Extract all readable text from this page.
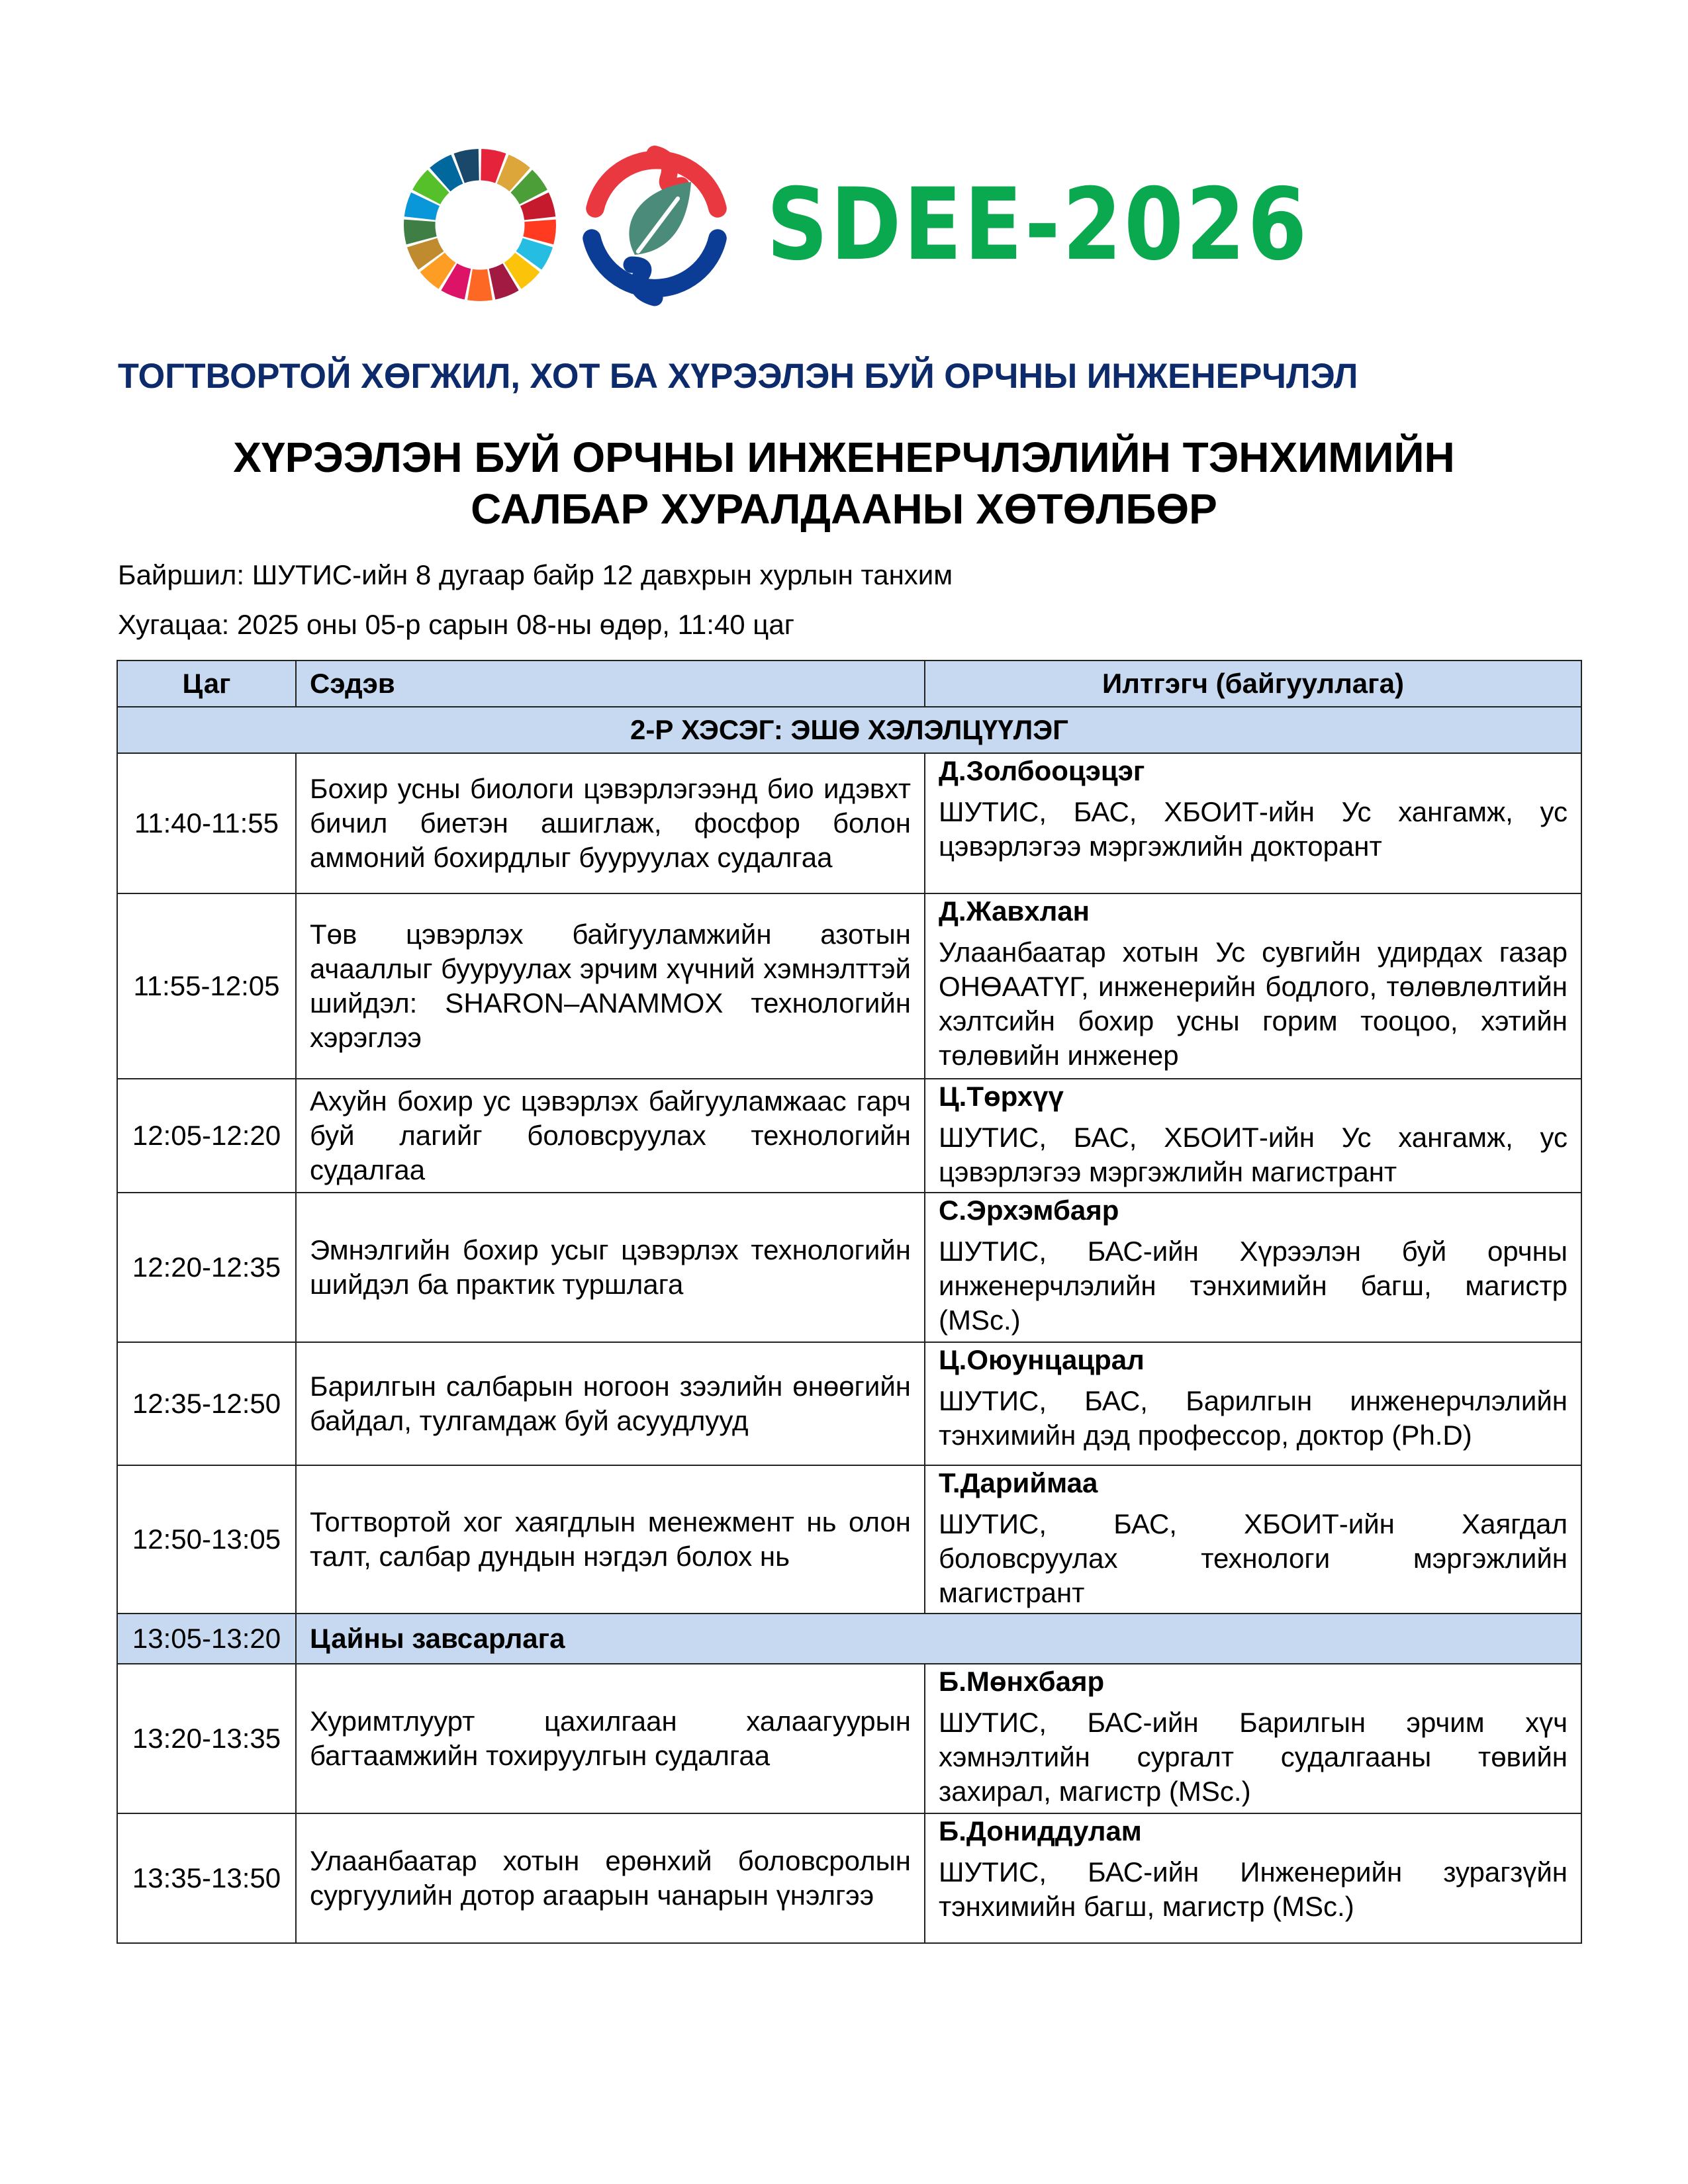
SDEE-2026
ТОГТВОРТОЙ ХӨГЖИЛ, ХОТ БА ХҮРЭЭЛЭН БУЙ ОРЧНЫ ИНЖЕНЕРЧЛЭЛ
ХҮРЭЭЛЭН БУЙ ОРЧНЫ ИНЖЕНЕРЧЛЭЛИЙН ТЭНХИМИЙН
САЛБАР ХУРАЛДААНЫ ХӨТӨЛБӨР
Байршил: ШУТИС-ийн 8 дугаар байр 12 давхрын хурлын танхим
Хугацаа: 2025 оны 05-р сарын 08-ны өдөр, 11:40 цаг
Цаг	Сэдэв	Илтгэгч (байгууллага)
2-Р ХЭСЭГ: ЭШӨ ХЭЛЭЛЦҮҮЛЭГ		
11:40-11:55	Бохир усны биологи цэвэрлэгээнд био идэвхт бичил биетэн ашиглаж, фосфор болон аммоний бохирдлыг бууруулах судалгаа	Д.Золбооцэцэг
ШУТИС, БАС, ХБОИТ-ийн Ус хангамж, ус цэвэрлэгээ мэргэжлийн докторант

11:55-12:05	Төв цэвэрлэх байгууламжийн азотын ачааллыг бууруулах эрчим хүчний хэмнэлттэй шийдэл: SHARON–ANAMMOX технологийн хэрэглээ	Д.Жавхлан
Улаанбаатар хотын Ус сувгийн удирдах газар ОНӨААТҮГ, инженерийн бодлого, төлөвлөлтийн хэлтсийн бохир усны горим тооцоо, хэтийн төлөвийн инженер

12:05-12:20	Ахуйн бохир ус цэвэрлэх байгууламжаас гарч буй лагийг боловсруулах технологийн судалгаа	Ц.Төрхүү
ШУТИС, БАС, ХБОИТ-ийн Ус хангамж, ус цэвэрлэгээ мэргэжлийн магистрант

12:20-12:35	Эмнэлгийн бохир усыг цэвэрлэх технологийн шийдэл ба практик туршлага	С.Эрхэмбаяр
ШУТИС, БАС-ийн Хүрээлэн буй орчны инженерчлэлийн тэнхимийн багш, магистр (MSc.)

12:35-12:50	Барилгын салбарын ногоон зээлийн өнөөгийн байдал, тулгамдаж буй асуудлууд	Ц.Оюунцацрал
ШУТИС, БАС, Барилгын инженерчлэлийн тэнхимийн дэд профессор, доктор (Ph.D)

12:50-13:05	Тогтвортой хог хаягдлын менежмент нь олон талт, салбар дундын нэгдэл болох нь	Т.Дариймаа
ШУТИС, БАС, ХБОИТ-ийн Хаягдал боловсруулах технологи мэргэжлийн магистрант

13:05-13:20	Цайны завсарлага	
13:20-13:35	Хуримтлуурт цахилгаан халаагуурын багтаамжийн тохируулгын судалгаа	Б.Мөнхбаяр
ШУТИС, БАС-ийн Барилгын эрчим хүч хэмнэлтийн сургалт судалгааны төвийн захирал, магистр (MSc.)

13:35-13:50	Улаанбаатар хотын ерөнхий боловсролын сургуулийн дотор агаарын чанарын үнэлгээ	Б.Дониддулам
ШУТИС, БАС-ийн Инженерийн зурагзүйн тэнхимийн багш, магистр (MSc.)
